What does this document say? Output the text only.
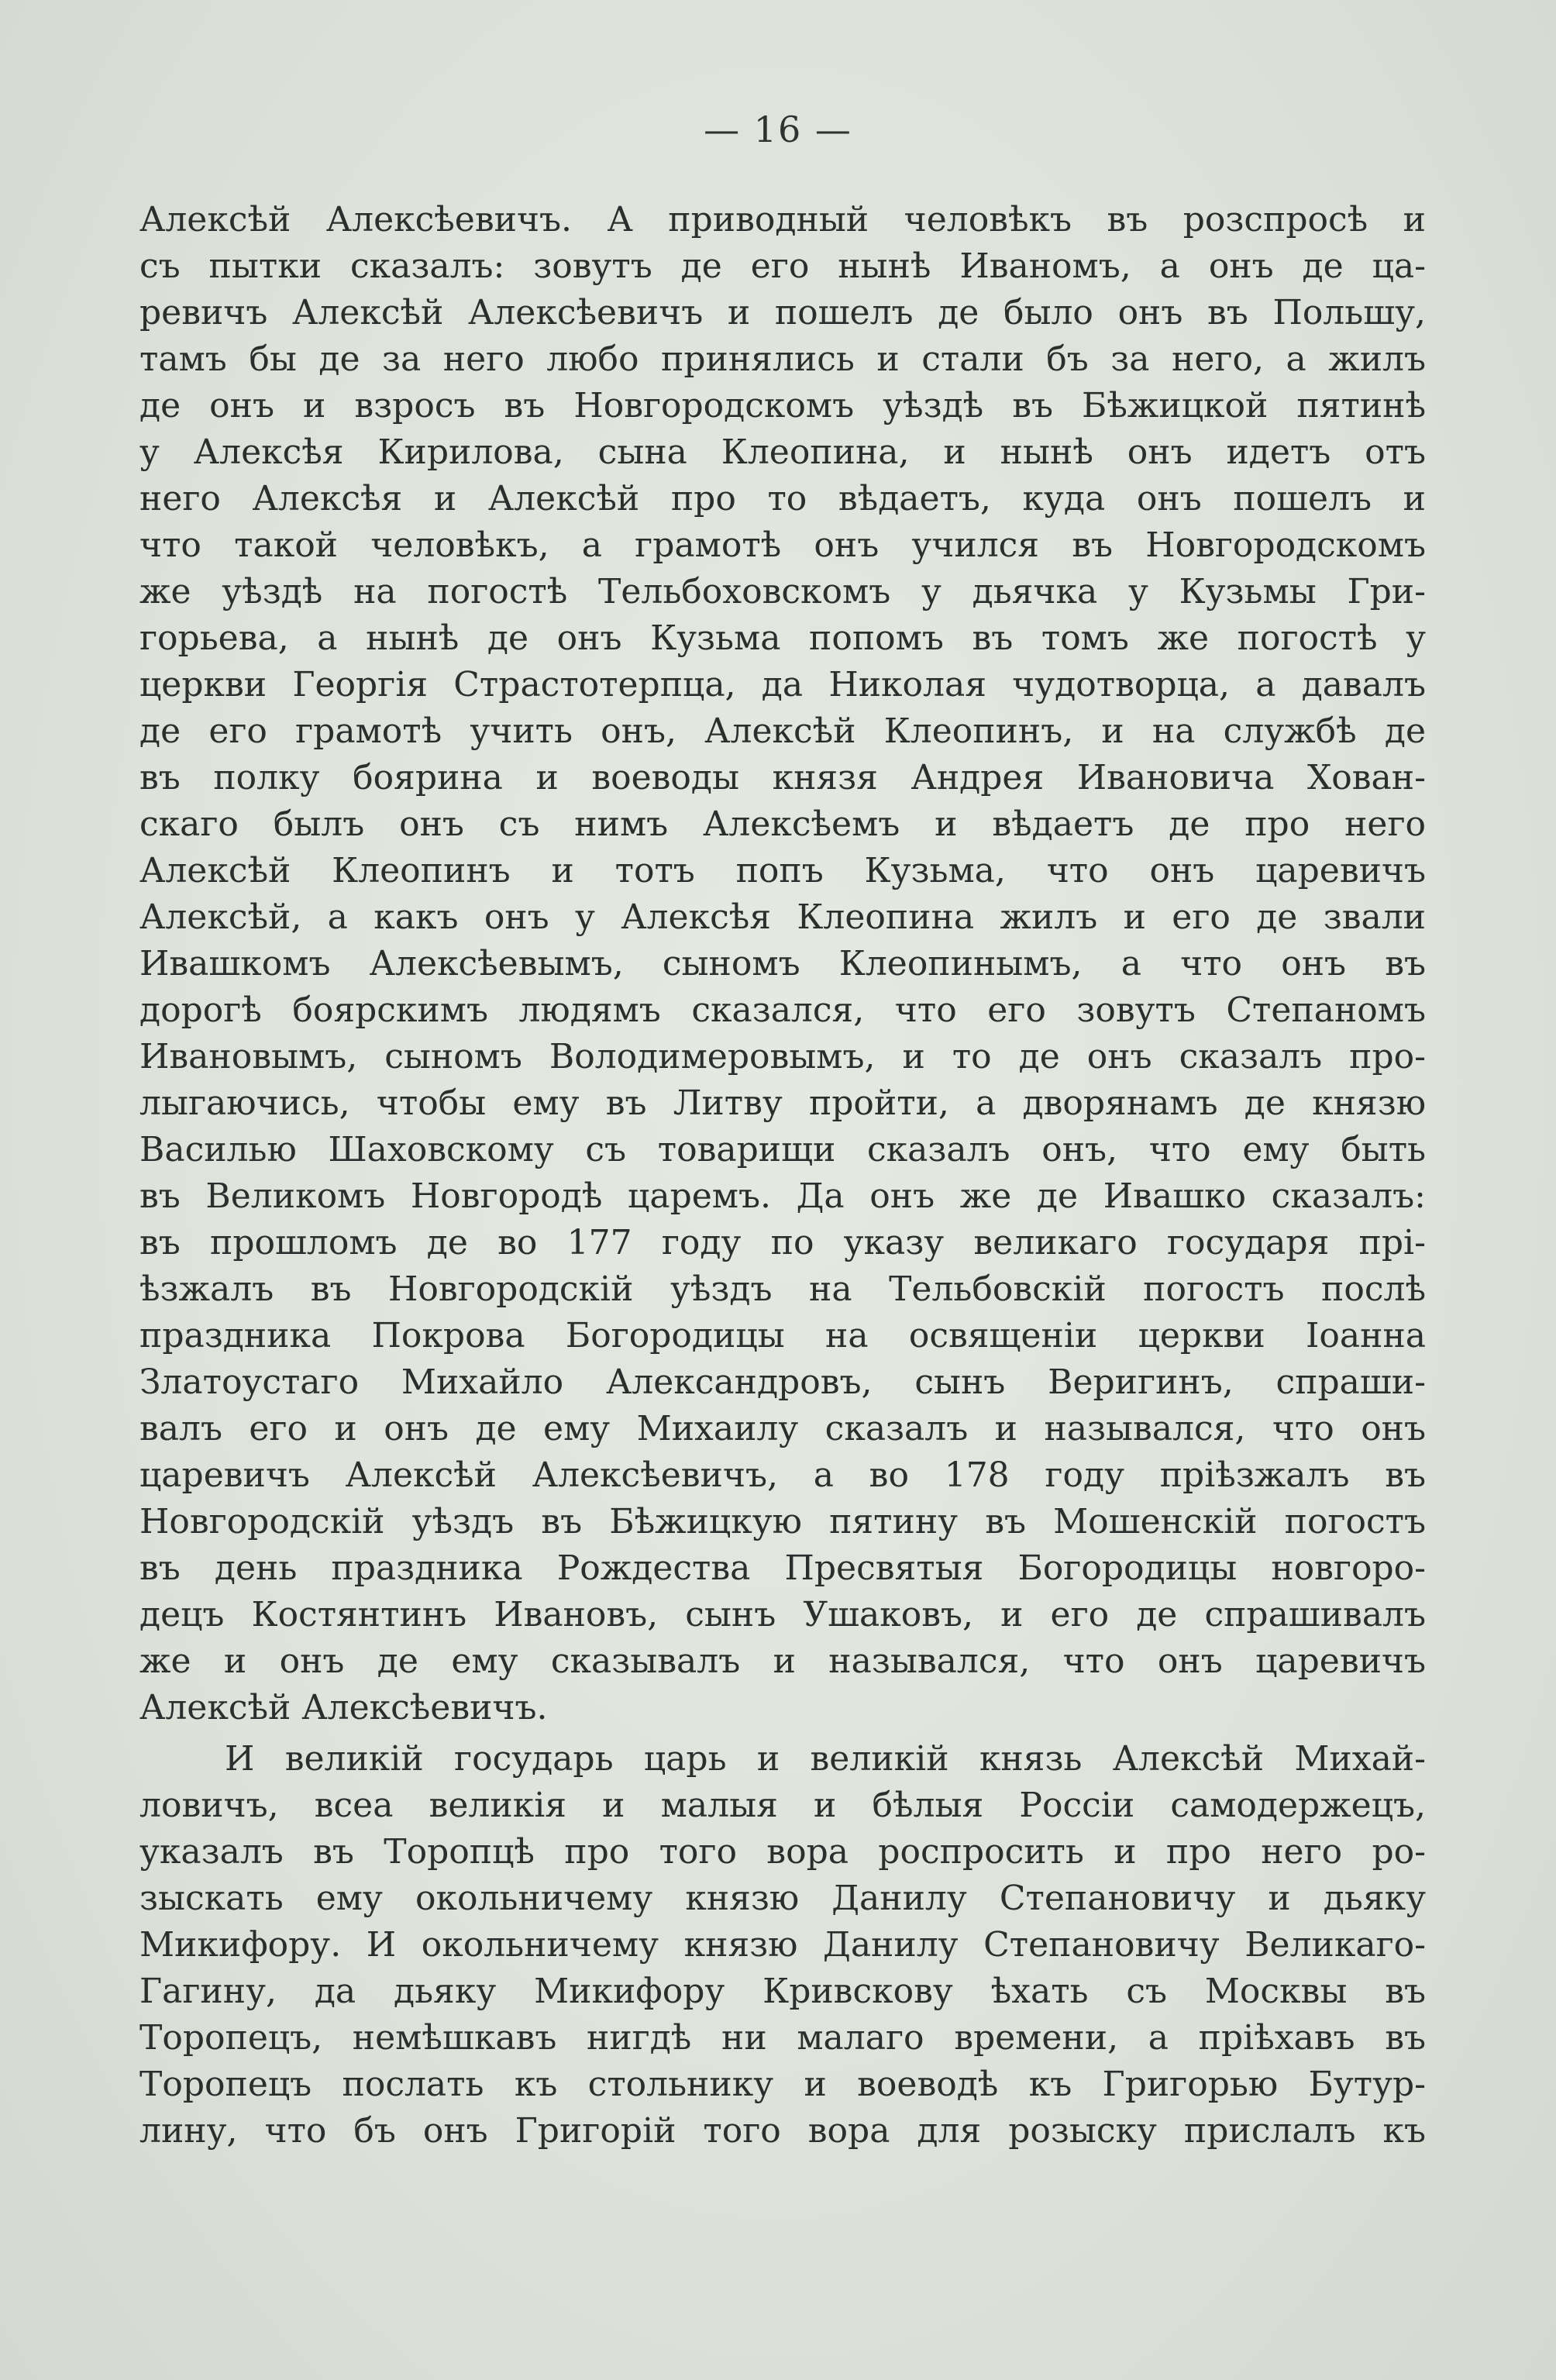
— 16 —
Алексѣй Алексѣевичъ. А приводный человѣкъ въ розспросѣ и
съ пытки сказалъ: зовутъ де его нынѣ Иваномъ, а онъ де ца-
ревичъ Алексѣй Алексѣевичъ и пошелъ де было онъ въ Польшу,
тамъ бы де за него любо принялись и стали бъ за него, а жилъ
де онъ и взросъ въ Новгородскомъ уѣздѣ въ Бѣжицкой пятинѣ
у Алексѣя Кирилова, сына Клеопина, и нынѣ онъ идетъ отъ
него Алексѣя и Алексѣй про то вѣдаетъ, куда онъ пошелъ и
что такой человѣкъ, а грамотѣ онъ учился въ Новгородскомъ
же уѣздѣ на погостѣ Тельбоховскомъ у дьячка у Кузьмы Гри-
горьева, а нынѣ де онъ Кузьма попомъ въ томъ же погостѣ у
церкви Георгія Страстотерпца, да Николая чудотворца, а давалъ
де его грамотѣ учить онъ, Алексѣй Клеопинъ, и на службѣ де
въ полку боярина и воеводы князя Андрея Ивановича Хован-
скаго былъ онъ съ нимъ Алексѣемъ и вѣдаетъ де про него
Алексѣй Клеопинъ и тотъ попъ Кузьма, что онъ царевичъ
Алексѣй, а какъ онъ у Алексѣя Клеопина жилъ и его де звали
Ивашкомъ Алексѣевымъ, сыномъ Клеопинымъ, а что онъ въ
дорогѣ боярскимъ людямъ сказался, что его зовутъ Степаномъ
Ивановымъ, сыномъ Володимеровымъ, и то де онъ сказалъ про-
лыгаючись, чтобы ему въ Литву пройти, а дворянамъ де князю
Василью Шаховскому съ товарищи сказалъ онъ, что ему быть
въ Великомъ Новгородѣ царемъ. Да онъ же де Ивашко сказалъ:
въ прошломъ де во 177 году по указу великаго государя прі-
ѣзжалъ въ Новгородскій уѣздъ на Тельбовскій погостъ послѣ
праздника Покрова Богородицы на освященіи церкви Іоанна
Златоустаго Михайло Александровъ, сынъ Веригинъ, спраши-
валъ его и онъ де ему Михаилу сказалъ и назывался, что онъ
царевичъ Алексѣй Алексѣевичъ, а во 178 году пріѣзжалъ въ
Новгородскій уѣздъ въ Бѣжицкую пятину въ Мошенскій погостъ
въ день праздника Рождества Пресвятыя Богородицы новгоро-
децъ Костянтинъ Ивановъ, сынъ Ушаковъ, и его де спрашивалъ
же и онъ де ему сказывалъ и назывался, что онъ царевичъ
Алексѣй Алексѣевичъ.
И великій государь царь и великій князь Алексѣй Михай-
ловичъ, всеа великія и малыя и бѣлыя Россіи самодержецъ,
указалъ въ Торопцѣ про того вора роспросить и про него ро-
зыскать ему окольничему князю Данилу Степановичу и дьяку
Микифору. И окольничему князю Данилу Степановичу Великаго-
Гагину, да дьяку Микифору Кривскову ѣхать съ Москвы въ
Торопецъ, немѣшкавъ нигдѣ ни малаго времени, а пріѣхавъ въ
Торопецъ послать къ стольнику и воеводѣ къ Григорью Бутур-
лину, что бъ онъ Григорій того вора для розыску прислалъ къ
